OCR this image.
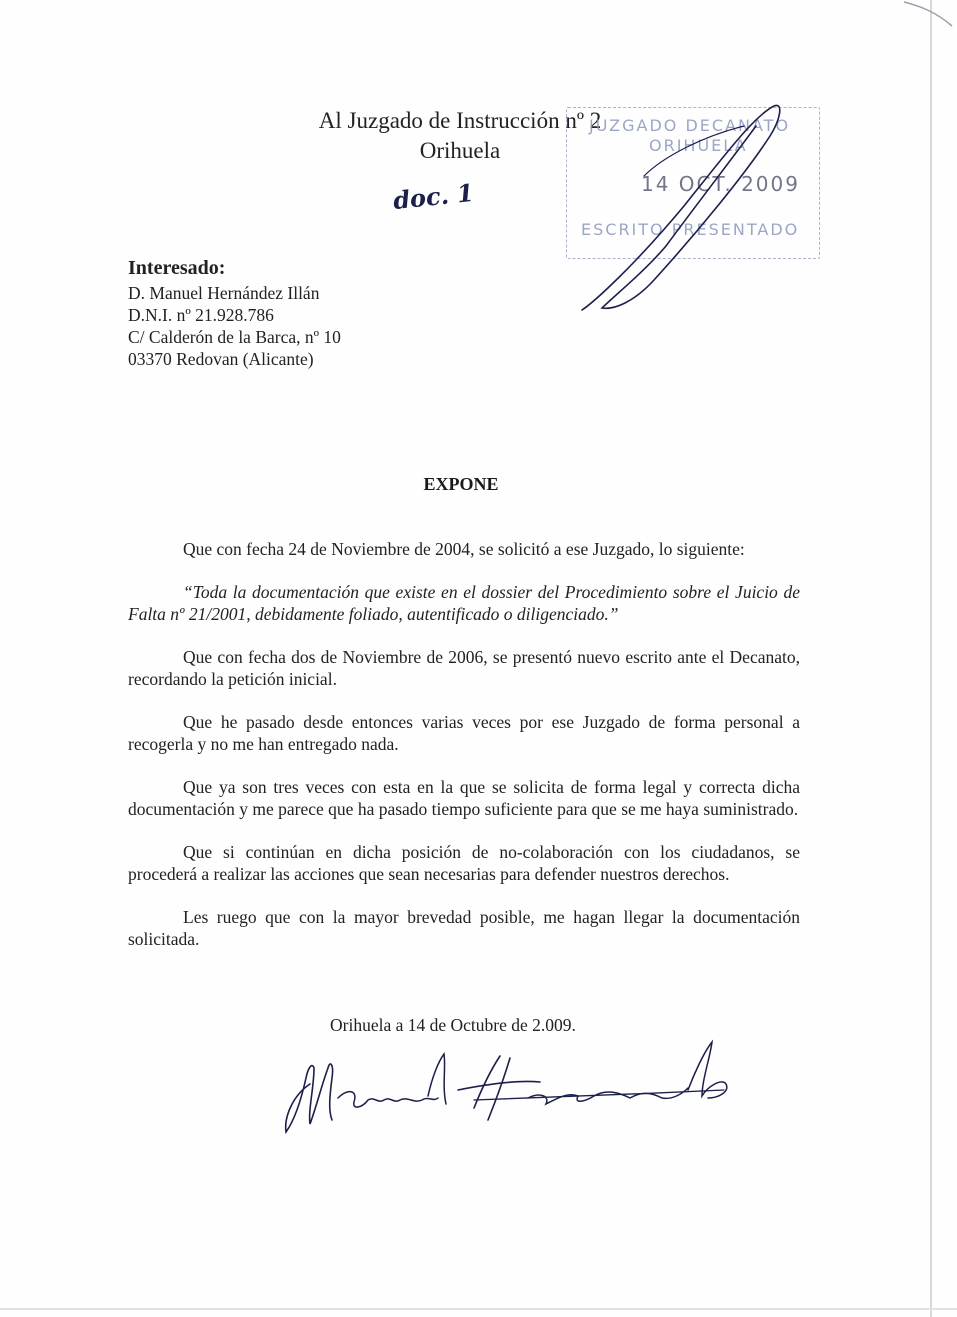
Al Juzgado de Instrucción nº 2
Orihuela
doc. 1
JUZGADO DECANATO
ORIHUELA
14 OCT. 2009
ESCRITO PRESENTADO
Interesado:
D. Manuel Hernández Illán
D.N.I. nº 21.928.786
C/ Calderón de la Barca, nº 10
03370 Redovan (Alicante)
EXPONE

Que con fecha 24 de Noviembre de 2004, se solicitó a ese Juzgado, lo siguiente:

“Toda la documentación que existe en el dossier del Procedimiento sobre el Juicio de Falta nº 21/2001, debidamente foliado, autentificado o diligenciado.”

Que con fecha dos de Noviembre de 2006, se presentó nuevo escrito ante el Decanato, recordando la petición inicial.

Que he pasado desde entonces varias veces por ese Juzgado de forma personal a recogerla y no me han entregado nada.

Que ya son tres veces con esta en la que se solicita de forma legal y correcta dicha documentación y me parece que ha pasado tiempo suficiente para que se me haya suministrado.

Que si continúan en dicha posición de no-colaboración con los ciudadanos, se procederá a realizar las acciones que sean necesarias para defender nuestros derechos.

Les ruego que con la mayor brevedad posible, me hagan llegar la documentación solicitada.

Orihuela a 14 de Octubre de 2.009.
